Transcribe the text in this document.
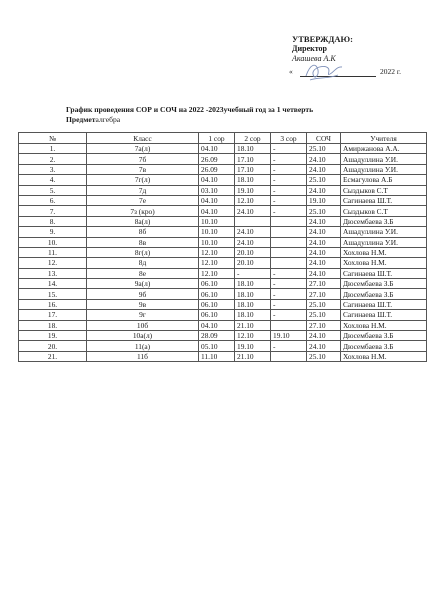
УТВЕРЖДАЮ:
Директор
Акашева А.К
«	2022 г.
График проведения СОР и СОЧ на 2022 -2023учебный год за 1 четверть
Предметалгебра
№	Класс	1 сор	2 сор	3 сор	СОЧ	Учителя
1.	7а(л)	04.10	18.10	-	25.10	Амиржанова А.А.
2.	7б	26.09	17.10	-	24.10	Ашадуллина У.И.
3.	7в	26.09	17.10	-	24.10	Ашадуллина У.И.
4.	7г(л)	04.10	18.10	-	25.10	Есмагулова А.Б
5.	7д	03.10	19.10	-	24.10	Сыздыков С.Т
6.	7е	04.10	12.10	-	19.10	Сагинаева Ш.Т.
7.	7з (кро)	04.10	24.10	-	25.10	Сыздыков С.Т
8.	8а(л)	10.10			24.10	Дюсембаева З.Б
9.	8б	10.10	24.10		24.10	Ашадуллина У.И.
10.	8в	10.10	24.10		24.10	Ашадуллина У.И.
11.	8г(л)	12.10	20.10		24.10	Хохлова Н.М.
12.	8д	12.10	20.10		24.10	Хохлова Н.М.
13.	8е	12.10	-	-	24.10	Сагинаева Ш.Т.
14.	9а(л)	06.10	18.10	-	27.10	Дюсембаева З.Б
15.	9б	06.10	18.10	-	27.10	Дюсембаева З.Б
16.	9в	06.10	18.10	-	25.10	Сагинаева Ш.Т.
17.	9г	06.10	18.10	-	25.10	Сагинаева Ш.Т.
18.	10б	04.10	21.10		27.10	Хохлова Н.М.
19.	10а(л)	28.09	12.10	19.10	24.10	Дюсембаева З.Б
20.	11(а)	05.10	19.10	-	24.10	Дюсембаева З.Б
21.	11б	11.10	21.10		25.10	Хохлова Н.М.
